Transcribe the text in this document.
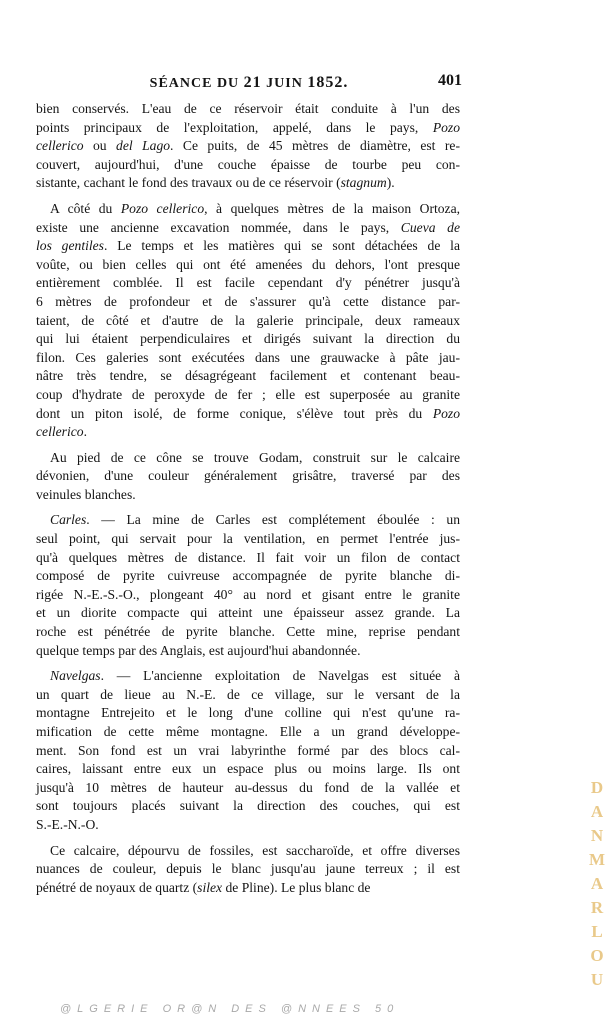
SÉANCE DU 21 JUIN 1852.	401
bien conservés. L'eau de ce réservoir était conduite à l'un des
points principaux de l'exploitation, appelé, dans le pays, Pozo
cellerico ou del Lago. Ce puits, de 45 mètres de diamètre, est re-
couvert, aujourd'hui, d'une couche épaisse de tourbe peu con-
sistante, cachant le fond des travaux ou de ce réservoir (stagnum).
A côté du Pozo cellerico, à quelques mètres de la maison Ortoza,
existe une ancienne excavation nommée, dans le pays, Cueva de
los gentiles. Le temps et les matières qui se sont détachées de la
voûte, ou bien celles qui ont été amenées du dehors, l'ont presque
entièrement comblée. Il est facile cependant d'y pénétrer jusqu'à
6 mètres de profondeur et de s'assurer qu'à cette distance par-
taient, de côté et d'autre de la galerie principale, deux rameaux
qui lui étaient perpendiculaires et dirigés suivant la direction du
filon. Ces galeries sont exécutées dans une grauwacke à pâte jau-
nâtre très tendre, se désagrégeant facilement et contenant beau-
coup d'hydrate de peroxyde de fer ; elle est superposée au granite
dont un piton isolé, de forme conique, s'élève tout près du Pozo
cellerico.
Au pied de ce cône se trouve Godam, construit sur le calcaire
dévonien, d'une couleur généralement grisâtre, traversé par des
veinules blanches.
Carles. — La mine de Carles est complétement éboulée : un
seul point, qui servait pour la ventilation, en permet l'entrée jus-
qu'à quelques mètres de distance. Il fait voir un filon de contact
composé de pyrite cuivreuse accompagnée de pyrite blanche di-
rigée N.-E.-S.-O., plongeant 40° au nord et gisant entre le granite
et un diorite compacte qui atteint une épaisseur assez grande. La
roche est pénétrée de pyrite blanche. Cette mine, reprise pendant
quelque temps par des Anglais, est aujourd'hui abandonnée.
Navelgas. — L'ancienne exploitation de Navelgas est située à
un quart de lieue au N.-E. de ce village, sur le versant de la
montagne Entrejeito et le long d'une colline qui n'est qu'une ra-
mification de cette même montagne. Elle a un grand développe-
ment. Son fond est un vrai labyrinthe formé par des blocs cal-
caires, laissant entre eux un espace plus ou moins large. Ils ont
jusqu'à 10 mètres de hauteur au-dessus du fond de la vallée et
sont toujours placés suivant la direction des couches, qui est
S.-E.-N.-O.
Ce calcaire, dépourvu de fossiles, est saccharoïde, et offre diverses
nuances de couleur, depuis le blanc jusqu'au jaune terreux ; il est
pénétré de noyaux de quartz (silex de Pline). Le plus blanc de
D
A
N
M
A
R
L
O
U
@LGERIE OR@N DES @NNEES 50
